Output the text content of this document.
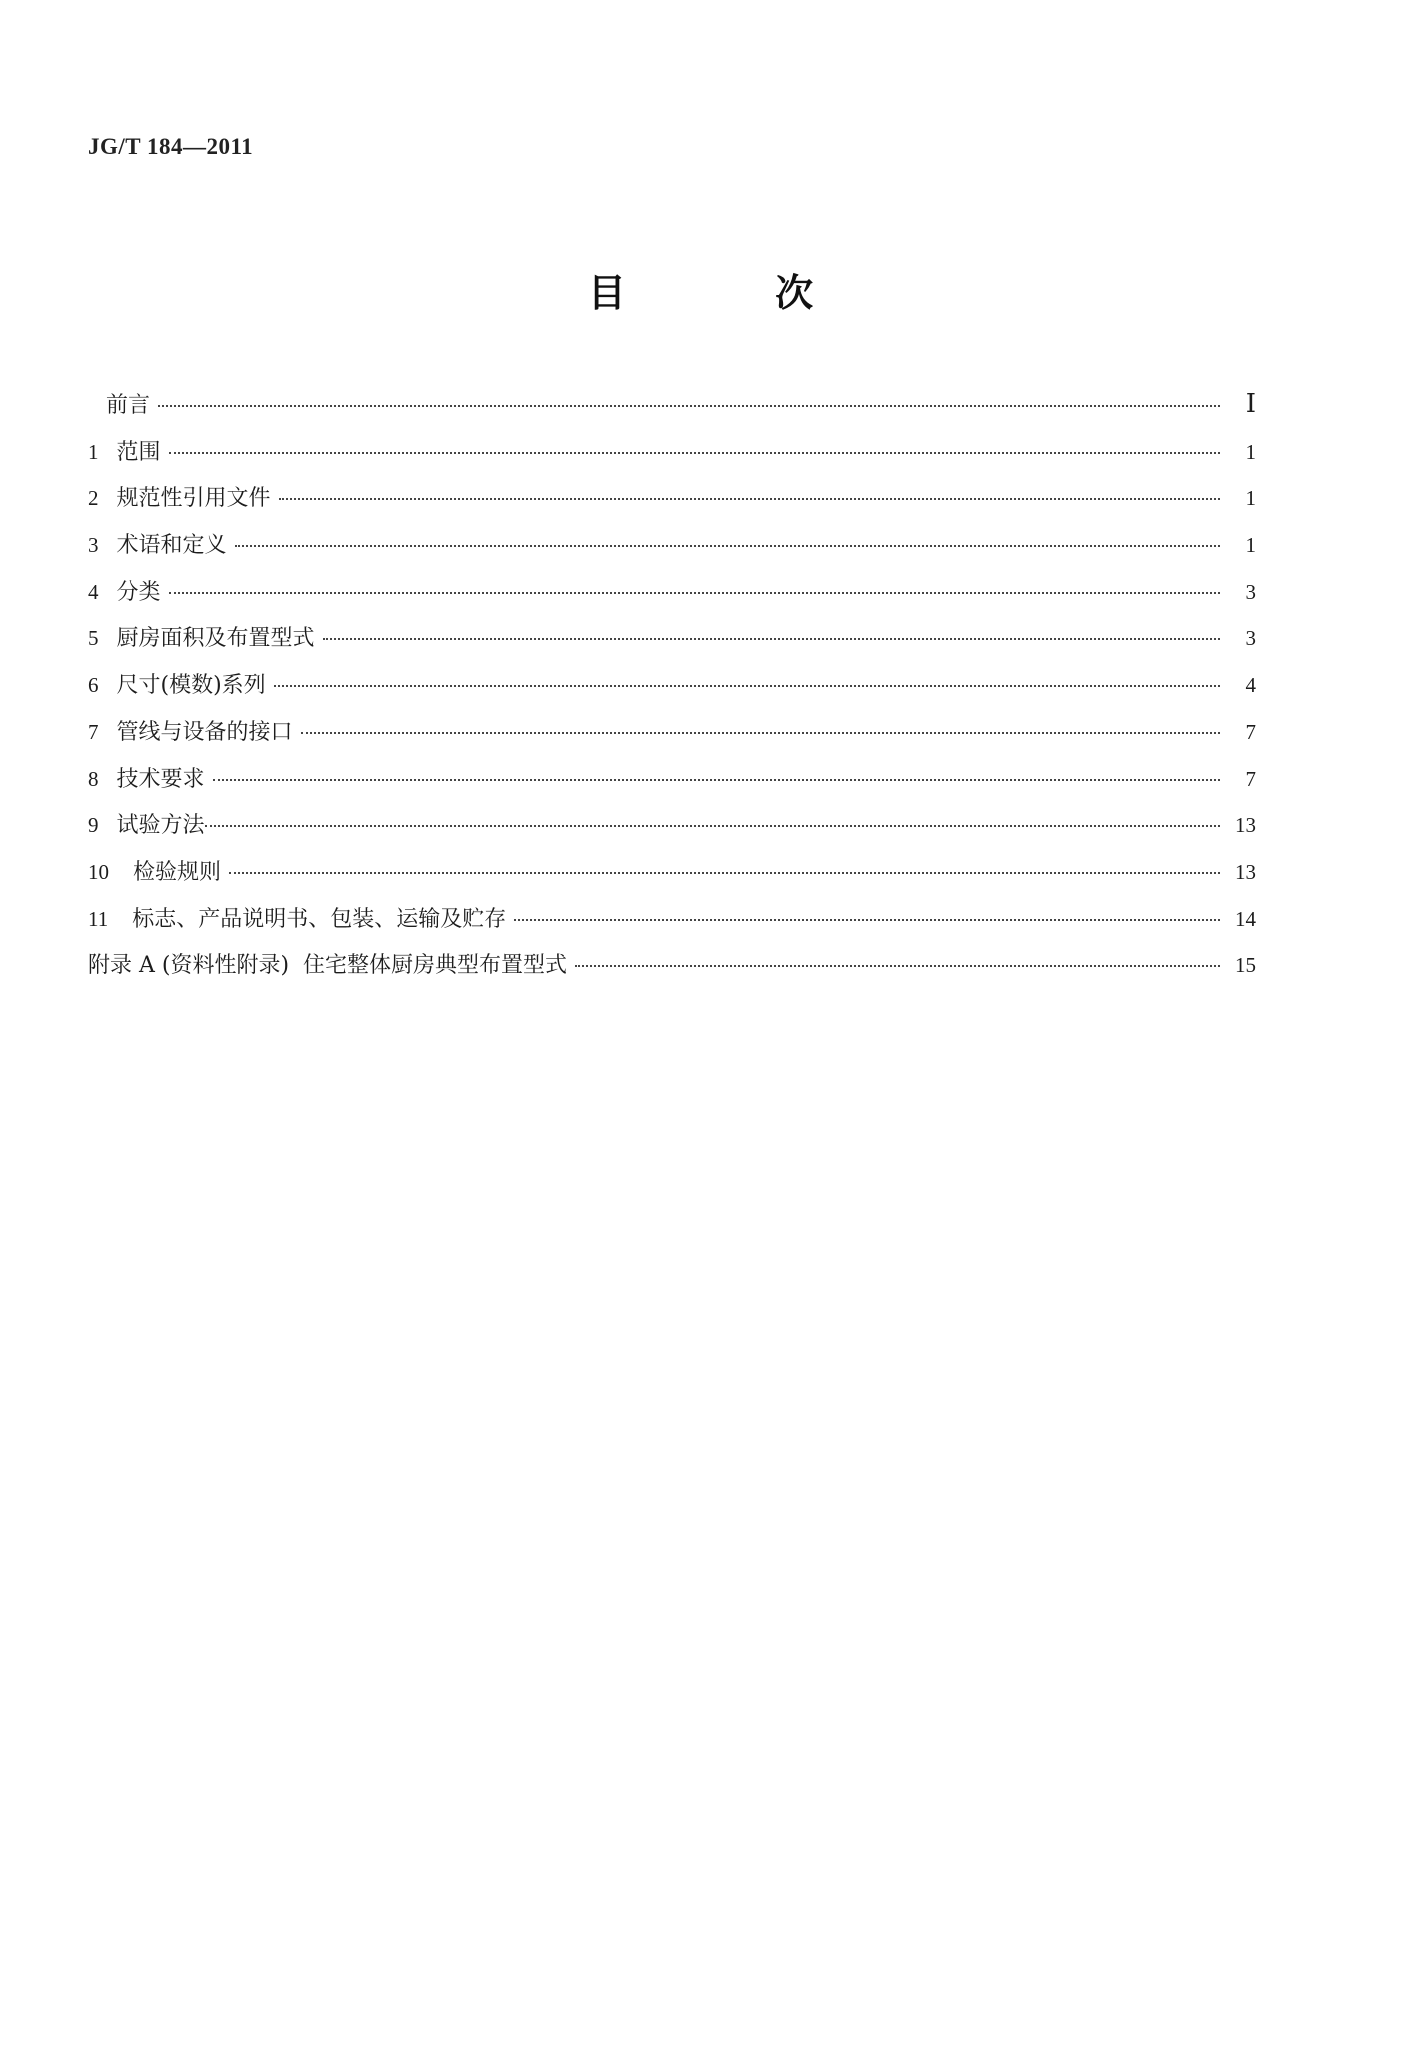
JG/T 184—2011
目 次
前言	Ⅰ
1 范围	1
2 规范性引用文件	1
3 术语和定义	1
4 分类	3
5 厨房面积及布置型式	3
6 尺寸(模数)系列	4
7 管线与设备的接口	7
8 技术要求	7
9 试验方法	13
10	检验规则	13
11	标志、产品说明书、包装、运输及贮存	14
附录 A (资料性附录)  住宅整体厨房典型布置型式	15
